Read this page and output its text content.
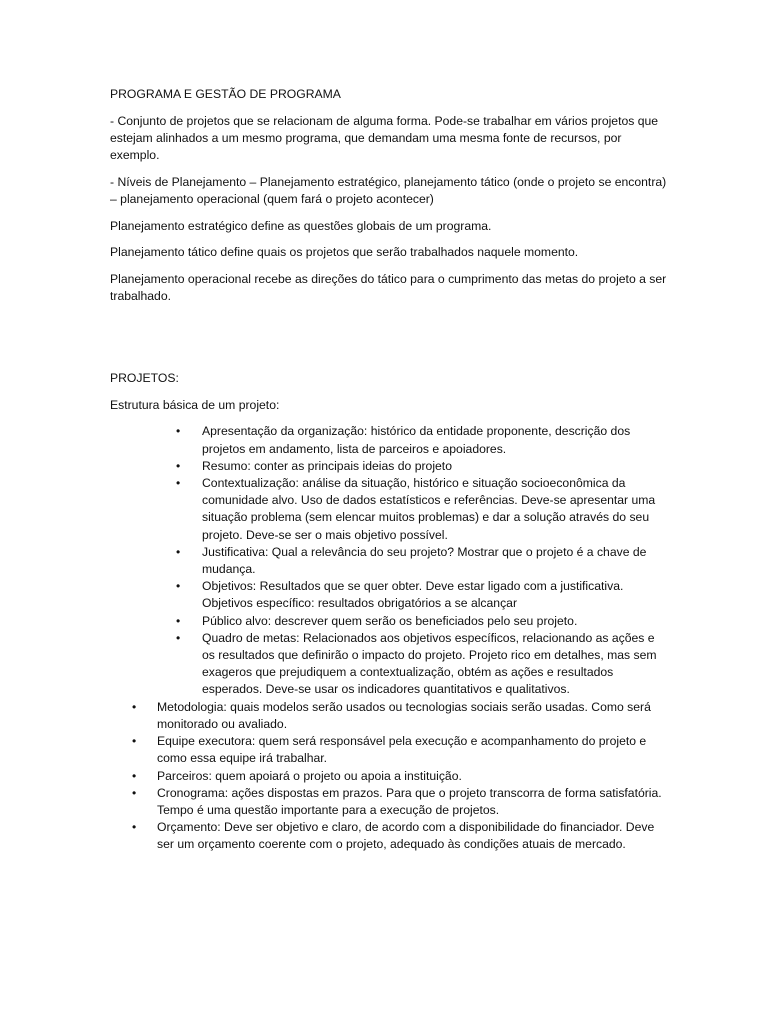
PROGRAMA E GESTÃO DE PROGRAMA

- Conjunto de projetos que se relacionam de alguma forma. Pode-se trabalhar em vários projetos que estejam alinhados a um mesmo programa, que demandam uma mesma fonte de recursos, por exemplo.

- Níveis de Planejamento – Planejamento estratégico, planejamento tático (onde o projeto se encontra) – planejamento operacional (quem fará o projeto acontecer)

Planejamento estratégico define as questões globais de um programa.

Planejamento tático define quais os projetos que serão trabalhados naquele momento.

Planejamento operacional recebe as direções do tático para o cumprimento das metas do projeto a ser trabalhado.

PROJETOS:

Estrutura básica de um projeto:

• Apresentação da organização: histórico da entidade proponente, descrição dos projetos em andamento, lista de parceiros e apoiadores.
• Resumo: conter as principais ideias do projeto
• Contextualização: análise da situação, histórico e situação socioeconômica da comunidade alvo. Uso de dados estatísticos e referências. Deve-se apresentar uma situação problema (sem elencar muitos problemas) e dar a solução através do seu projeto. Deve-se ser o mais objetivo possível.
• Justificativa: Qual a relevância do seu projeto? Mostrar que o projeto é a chave de mudança.
• Objetivos: Resultados que se quer obter. Deve estar ligado com a justificativa. Objetivos específico: resultados obrigatórios a se alcançar
• Público alvo: descrever quem serão os beneficiados pelo seu projeto.
• Quadro de metas: Relacionados aos objetivos específicos, relacionando as ações e os resultados que definirão o impacto do projeto. Projeto rico em detalhes, mas sem exageros que prejudiquem a contextualização, obtém as ações e resultados esperados. Deve-se usar os indicadores quantitativos e qualitativos.
• Metodologia: quais modelos serão usados ou tecnologias sociais serão usadas. Como será monitorado ou avaliado.
• Equipe executora: quem será responsável pela execução e acompanhamento do projeto e como essa equipe irá trabalhar.
• Parceiros: quem apoiará o projeto ou apoia a instituição.
• Cronograma: ações dispostas em prazos. Para que o projeto transcorra de forma satisfatória. Tempo é uma questão importante para a execução de projetos.
• Orçamento: Deve ser objetivo e claro, de acordo com a disponibilidade do financiador. Deve ser um orçamento coerente com o projeto, adequado às condições atuais de mercado.
